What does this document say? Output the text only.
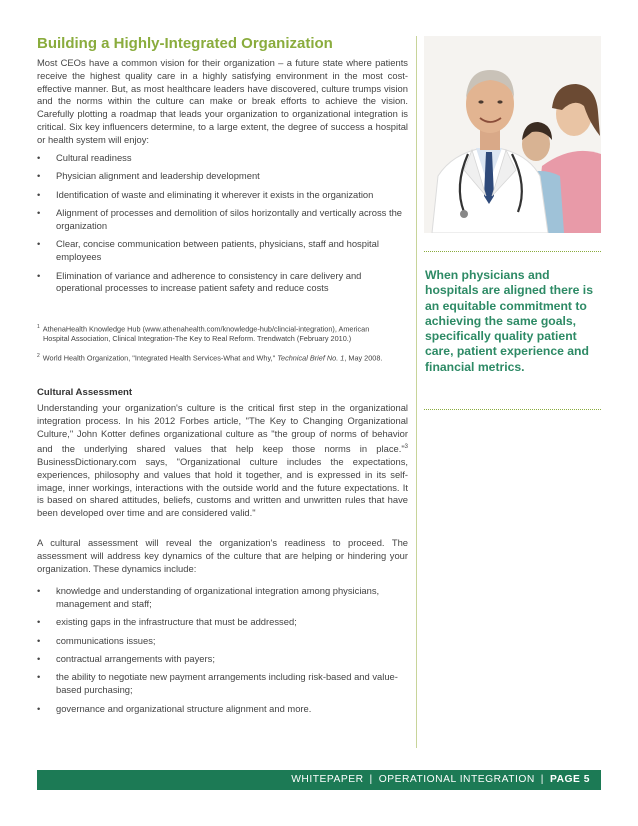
Building a Highly-Integrated Organization
Most CEOs have a common vision for their organization – a future state where patients receive the highest quality care in a highly satisfying environment in the most cost-effective manner. But, as most healthcare leaders have discovered, culture trumps vision and the norms within the culture can make or break efforts to achieve the vision. Carefully plotting a roadmap that leads your organization to organizational integration is critical. Six key influencers determine, to a large extent, the degree of success a hospital or health system will enjoy:
• Cultural readiness
• Physician alignment and leadership development
• Identification of waste and eliminating it wherever it exists in the organization
• Alignment of processes and demolition of silos horizontally and vertically across the organization
• Clear, concise communication between patients, physicians, staff and hospital employees
• Elimination of variance and adherence to consistency in care delivery and operational processes to increase patient safety and reduce costs

$^1$ AthenaHealth Knowledge Hub (www.athenahealth.com/knowledge-hub/clincial-integration), American Hospital Association, Clinical Integration-The Key to Real Reform. Trendwatch (February 2010.)

$^2$ World Health Organization, "Integrated Health Services-What and Why," Technical Brief No. 1, May 2008.

Cultural Assessment
Understanding your organization's culture is the critical first step in the organizational integration process. In his 2012 Forbes article, "The Key to Changing Organizational Culture," John Kotter defines organizational culture as "the group of norms of behavior and the underlying shared values that help keep those norms in place."$^3$ BusinessDictionary.com says, "Organizational culture includes the expectations, experiences, philosophy and values that hold it together, and is expressed in its self-image, inner workings, interactions with the outside world and the future expectations. It is based on shared attitudes, beliefs, customs and written and unwritten rules that have been developed over time and are considered valid."
A cultural assessment will reveal the organization's readiness to proceed. The assessment will address key dynamics of the culture that are helping or hindering your organization. These dynamics include:
• knowledge and understanding of organizational integration among physicians, management and staff;
• existing gaps in the infrastructure that must be addressed;
• communications issues;
• contractual arrangements with payers;
• the ability to negotiate new payment arrangements including risk-based and value-based purchasing;
• governance and organizational structure alignment and more.
When physicians and hospitals are aligned there is an equitable commitment to achieving the same goals, specifically quality patient care, patient experience and financial metrics.
WHITEPAPER | OPERATIONAL INTEGRATION | PAGE 5
